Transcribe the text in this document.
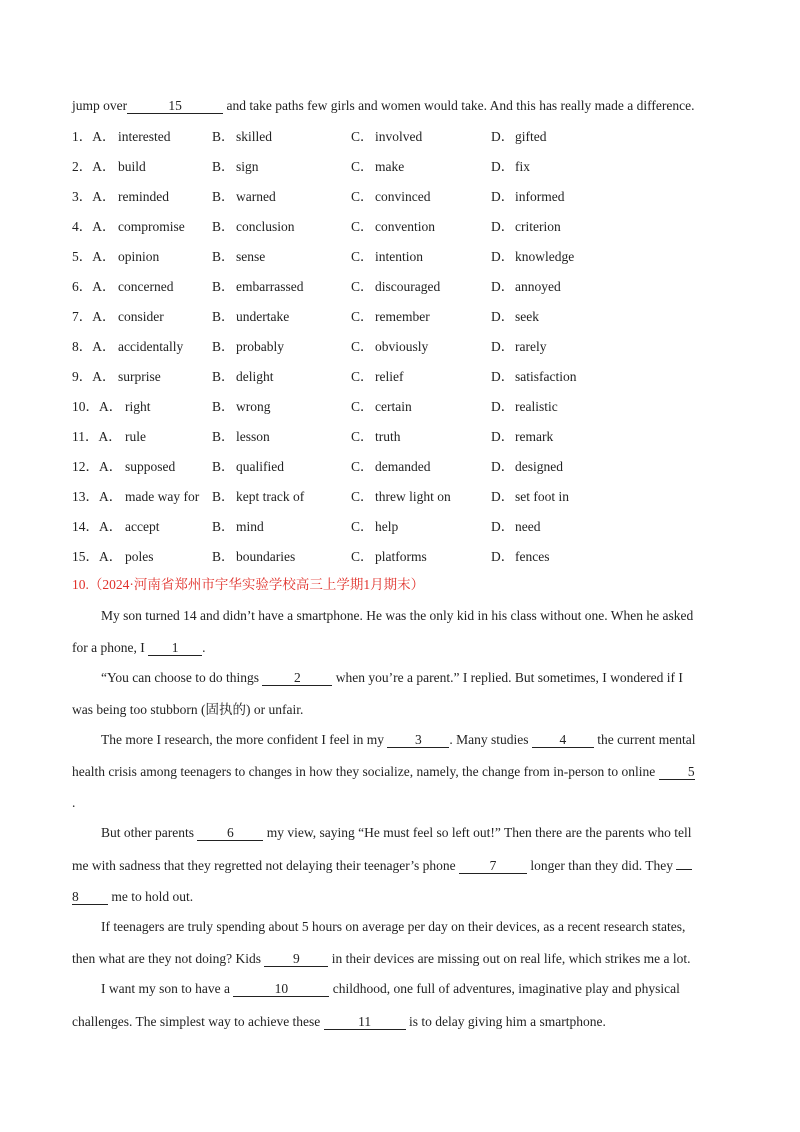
jump over	15	and take paths few girls and women would take. And this has really made a difference.
1．A． interested	B． skilled	C． involved	D． gifted
2．A． build	B． sign	C． make	D． fix
3．A． reminded	B． warned	C． convinced	D． informed
4．A． compromise B． conclusion	C． convention	D． criterion
5．A． opinion	B． sense	C． intention	D． knowledge
6．A． concerned	B． embarrassed	C． discouraged	D． annoyed
7．A． consider	B． undertake	C． remember	D． seek
8．A． accidentally B． probably	C． obviously	D． rarely
9．A． surprise	B． delight	C． relief	D． satisfaction
10．A． right	B． wrong	C． certain	D． realistic
11．A． rule	B． lesson	C． truth	D． remark
12．A． supposed	B． qualified	C． demanded	D． designed
13．A． made way for B． kept track of	C． threw light on	D． set foot in
14．A． accept	B． mind	C． help	D． need
15．A． poles	B． boundaries	C． platforms	D． fences
10.（2024·河南省郑州市宇华实验学校高三上学期1月期末）
My son turned 14 and didn’t have a smartphone. He was the only kid in his class without one. When he asked
for a phone, I 1 .
“You can choose to do things	2	when you’re a parent.” I replied. But sometimes, I wondered if I
was being too stubborn (固执的) or unfair.
The more I research, the more confident I feel in my 3 . Many studies 4 the current mental
health crisis among teenagers to changes in how they socialize, namely, the change from in-person to online 5
.
But other parents 6 my view, saying “He must feel so left out!” Then there are the parents who tell
me with sadness that they regretted not delaying their teenager’s phone	7	longer than they did. They
8 me to hold out.
If teenagers are truly spending about 5 hours on average per day on their devices, as a recent research states,
then what are they not doing? Kids 9 in their devices are missing out on real life, which strikes me a lot.
I want my son to have a	10	childhood, one full of adventures, imaginative play and physical
challenges. The simplest way to achieve these	11	is to delay giving him a smartphone.
